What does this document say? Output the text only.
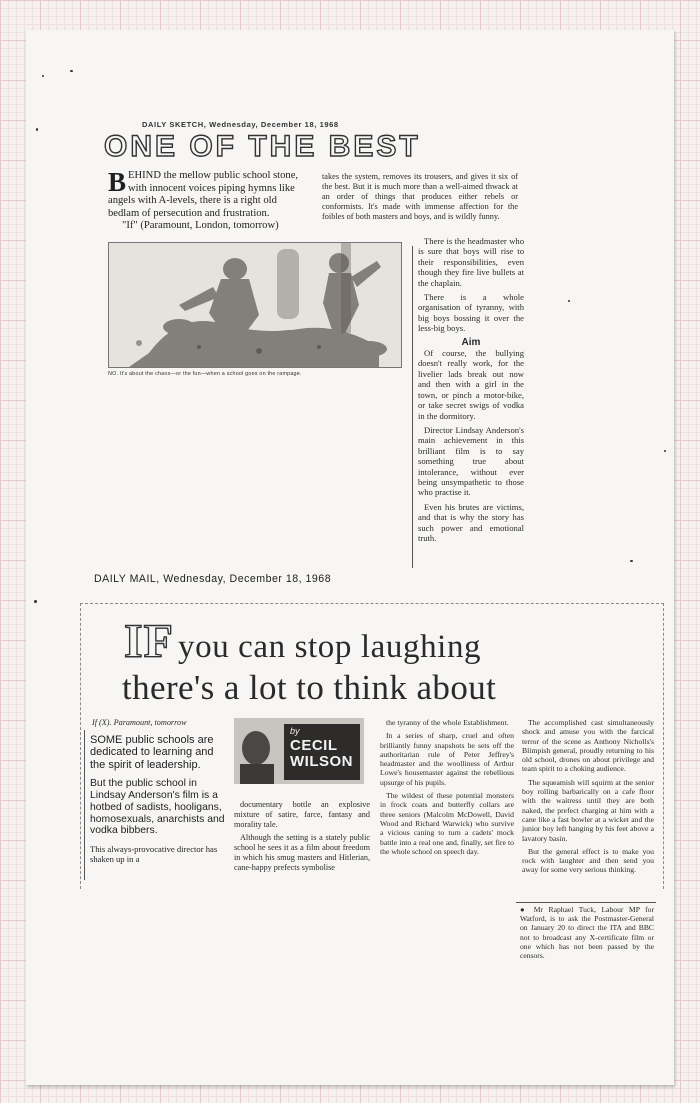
DAILY SKETCH, Wednesday, December 18, 1968
ONE OF THE BEST
BEHIND the mellow public school stone, with innocent voices piping hymns like angels with A-levels, there is a right old bedlam of persecution and frustration.
"If" (Paramount, London, tomorrow)
takes the system, removes its trousers, and gives it six of the best. But it is much more than a well-aimed thwack at an order of things that produces either rebels or conformists. It's made with immense affection for the foibles of both masters and boys, and is wildly funny.
NO. It's about the chaos—or the fun—when a school goes on the rampage.

There is the headmaster who is sure that boys will rise to their responsibilities, even though they fire live bullets at the chaplain.

There is a whole organisation of tyranny, with big boys bossing it over the less-big boys.

Aim

Of course, the bullying doesn't really work, for the livelier lads break out now and then with a girl in the town, or pinch a motor-bike, or take secret swigs of vodka in the dormitory.

Director Lindsay Anderson's main achievement in this brilliant film is to say something true about intolerance, without ever being unsympathetic to those who practise it.

Even his brutes are victims, and that is why the story has such power and emotional truth.

DAILY MAIL, Wednesday, December 18, 1968
IF you can stop laughing
there's a lot to think about
If (X). Paramount, tomorrow

SOME public schools are dedicated to learning and the spirit of leadership.

But the public school in Lindsay Anderson's film is a hotbed of sadists, hooligans, homosexuals, anarchists and vodka bibbers.

This always-provocative director has shaken up in a

by
CECIL WILSON

documentary bottle an explosive mixture of satire, farce, fantasy and morality tale.

Although the setting is a stately public school he sees it as a film about freedom in which his smug masters and Hitlerian, cane-happy prefects symbolise

the tyranny of the whole Establishment.

In a series of sharp, cruel and often brilliantly funny snapshots he sets off the authoritarian rule of Peter Jeffrey's headmaster and the woolliness of Arthur Lowe's housemaster against the rebellious upsurge of his pupils.

The wildest of these potential monsters in frock coats and butterfly collars are three seniors (Malcolm McDowell, David Wood and Richard Warwick) who survive a vicious caning to turn a cadets' mock battle into a real one and, finally, set fire to the whole school on speech day.

The accomplished cast simultaneously shock and amuse you with the farcical terror of the scene as Anthony Nicholls's Blimpish general, proudly returning to his old school, drones on about privilege and team spirit to a choking audience.

The squeamish will squirm at the senior boy rolling barbarically on a cafe floor with the waitress until they are both naked, the prefect charging at him with a cane like a fast bowler at a wicket and the junior boy left hanging by his feet above a lavatory basin.

But the general effect is to make you rock with laughter and then send you away for some very serious thinking.

● Mr Raphael Tuck, Labour MP for Watford, is to ask the Postmaster-General on January 20 to direct the ITA and BBC not to broadcast any X-certificate film or one which has not been passed by the censors.
